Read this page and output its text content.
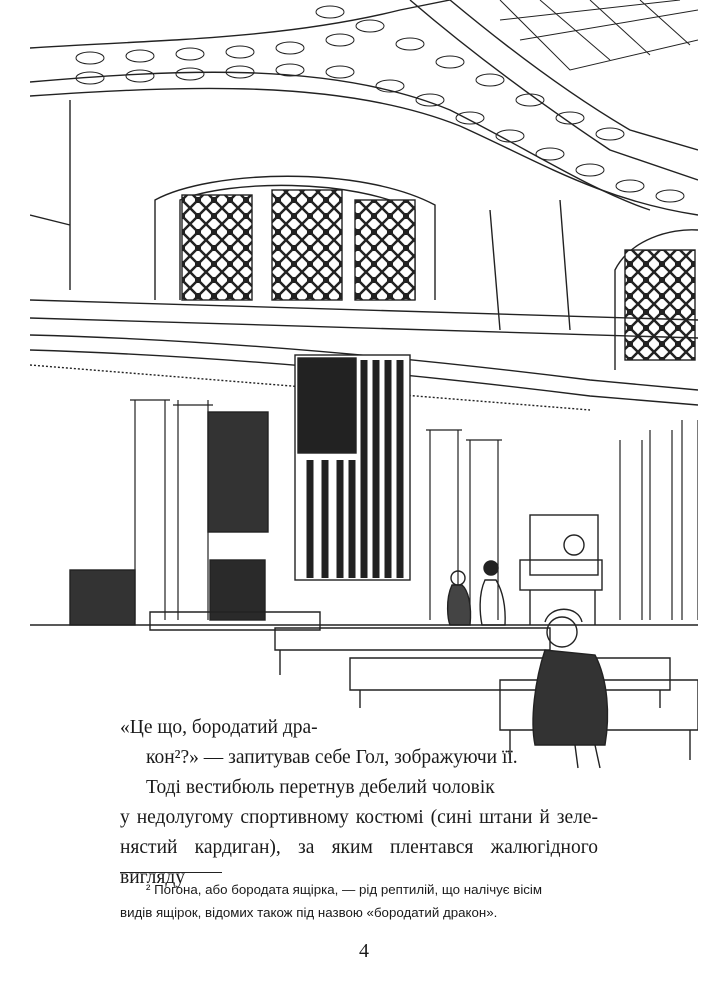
«Це що, бородатий дра-
кон²?» — запитував себе Гол, зображуючи її.
Тоді вестибюль перетнув дебелий чоловік
у недолугому спортивному костюмі (сині штани й зеле-
нястий кардиган), за яким плентався жалюгідного вигляду
² Погона, або бородата ящірка, — рід рептилій, що налічує вісім
видів ящірок, відомих також під назвою «бородатий дракон».
4
